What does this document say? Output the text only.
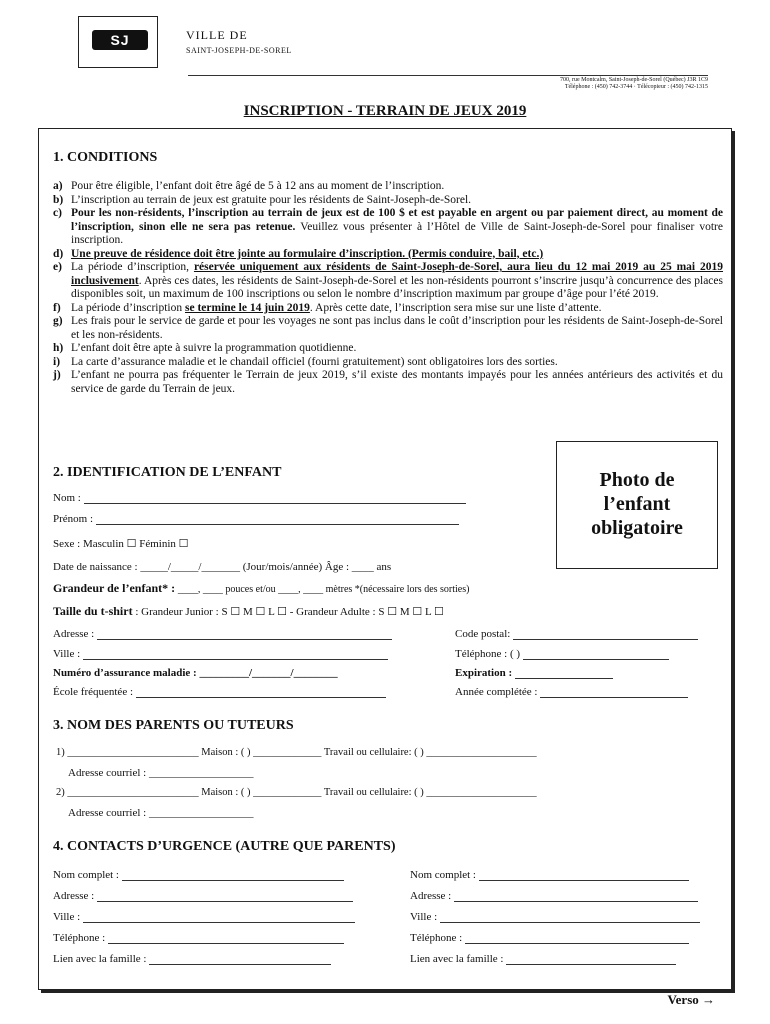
SJ	VILLE DE
SAINT-JOSEPH-DE-SOREL
700, rue Montcalm, Saint-Joseph-de-Sorel (Québec) J3R 1C9
Téléphone : (450) 742-3744 · Télécopieur : (450) 742-1315
INSCRIPTION - TERRAIN DE JEUX 2019
1. CONDITIONS
a) Pour être éligible, l’enfant doit être âgé de 5 à 12 ans au moment de l’inscription.
b) L’inscription au terrain de jeux est gratuite pour les résidents de Saint-Joseph-de-Sorel.
c) Pour les non-résidents, l’inscription au terrain de jeux est de 100 $ et est payable en argent ou par paiement direct, au moment de l’inscription, sinon elle ne sera pas retenue. Veuillez vous présenter à l’Hôtel de Ville de Saint-Joseph-de-Sorel pour finaliser votre inscription.
d) Une preuve de résidence doit être jointe au formulaire d’inscription. (Permis conduire, bail, etc.)
e) La période d’inscription, réservée uniquement aux résidents de Saint-Joseph-de-Sorel, aura lieu du 12 mai 2019 au 25 mai 2019 inclusivement. Après ces dates, les résidents de Saint-Joseph-de-Sorel et les non-résidents pourront s’inscrire jusqu’à concurrence des places disponibles soit, un maximum de 100 inscriptions ou selon le nombre d’inscription maximum par groupe d’âge pour l’été 2019.
f) La période d’inscription se termine le 14 juin 2019. Après cette date, l’inscription sera mise sur une liste d’attente.
g) Les frais pour le service de garde et pour les voyages ne sont pas inclus dans le coût d’inscription pour les résidents de Saint-Joseph-de-Sorel et les non-résidents.
h) L’enfant doit être apte à suivre la programmation quotidienne.
i) La carte d’assurance maladie et le chandail officiel (fourni gratuitement) sont obligatoires lors des sorties.
j) L’enfant ne pourra pas fréquenter le Terrain de jeux 2019, s’il existe des montants impayés pour les années antérieurs des activités et du service de garde du Terrain de jeux.
2. IDENTIFICATION DE L’ENFANT	Photo de
l’enfant
obligatoire
Nom :
Prénom :
Sexe : Masculin ☐ Féminin ☐
Date de naissance : _____/_____/_______ (Jour/mois/année) Âge : ____ ans
Grandeur de l’enfant* : ____, ____ pouces et/ou ____, ____ mètres *(nécessaire lors des sorties)
Taille du t-shirt : Grandeur Junior : S ☐ M ☐ L ☐ - Grandeur Adulte : S ☐ M ☐ L ☐
Adresse :	Code postal:
Ville :	Téléphone : ( )
Numéro d’assurance maladie : _________/_______/________	Expiration :
École fréquentée :	Année complétée :
3. NOM DES PARENTS OU TUTEURS
1) _________________________ Maison : ( ) _____________ Travail ou cellulaire: ( ) _____________________
Adresse courriel : ___________________
2) _________________________ Maison : ( ) _____________ Travail ou cellulaire: ( ) _____________________
Adresse courriel : ___________________
4. CONTACTS D’URGENCE (AUTRE QUE PARENTS)
Nom complet :
Adresse :
Ville :
Téléphone :
Lien avec la famille :
Nom complet :
Adresse :
Ville :
Téléphone :
Lien avec la famille :
Verso →
